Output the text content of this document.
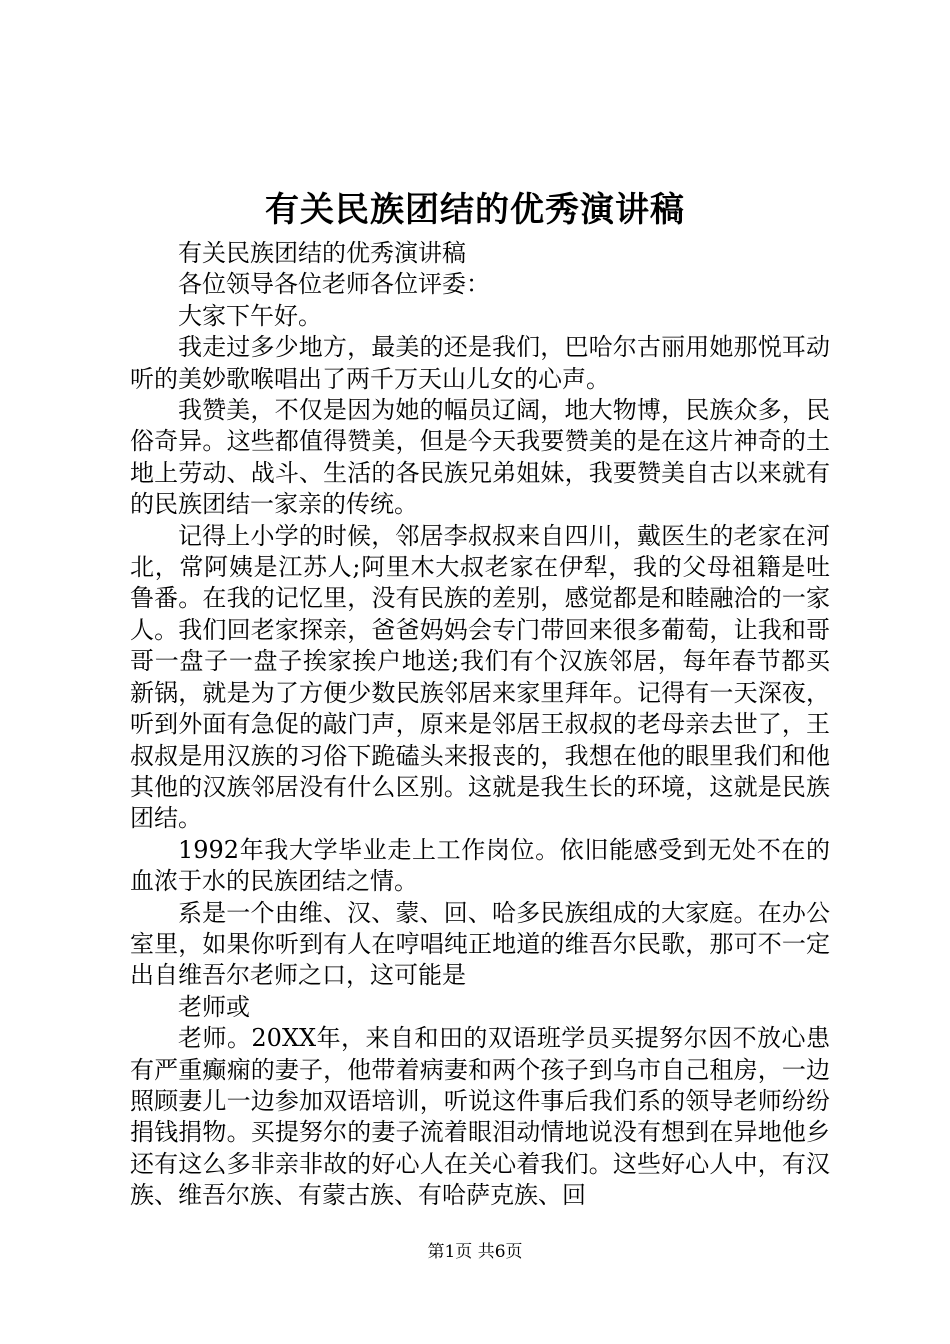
有关民族团结的优秀演讲稿

有关民族团结的优秀演讲稿

各位领导各位老师各位评委：

大家下午好。

我走过多少地方，最美的还是我们，巴哈尔古丽用她那悦耳动听的美妙歌喉唱出了两千万天山儿女的心声。

我赞美，不仅是因为她的幅员辽阔，地大物博，民族众多，民俗奇异。这些都值得赞美，但是今天我要赞美的是在这片神奇的土地上劳动、战斗、生活的各民族兄弟姐妹，我要赞美自古以来就有的民族团结一家亲的传统。

记得上小学的时候，邻居李叔叔来自四川，戴医生的老家在河北，常阿姨是江苏人;阿里木大叔老家在伊犁，我的父母祖籍是吐鲁番。在我的记忆里，没有民族的差别，感觉都是和睦融洽的一家人。我们回老家探亲，爸爸妈妈会专门带回来很多葡萄，让我和哥哥一盘子一盘子挨家挨户地送;我们有个汉族邻居，每年春节都买新锅，就是为了方便少数民族邻居来家里拜年。记得有一天深夜，听到外面有急促的敲门声，原来是邻居王叔叔的老母亲去世了，王叔叔是用汉族的习俗下跪磕头来报丧的，我想在他的眼里我们和他其他的汉族邻居没有什么区别。这就是我生长的环境，这就是民族团结。

1992年我大学毕业走上工作岗位。依旧能感受到无处不在的血浓于水的民族团结之情。

系是一个由维、汉、蒙、回、哈多民族组成的大家庭。在办公室里，如果你听到有人在哼唱纯正地道的维吾尔民歌，那可不一定出自维吾尔老师之口，这可能是

老师或

老师。20XX年，来自和田的双语班学员买提努尔因不放心患有严重癫痫的妻子，他带着病妻和两个孩子到乌市自己租房，一边照顾妻儿一边参加双语培训，听说这件事后我们系的领导老师纷纷捐钱捐物。买提努尔的妻子流着眼泪动情地说没有想到在异地他乡还有这么多非亲非故的好心人在关心着我们。这些好心人中，有汉族、维吾尔族、有蒙古族、有哈萨克族、回

第1页 共6页
